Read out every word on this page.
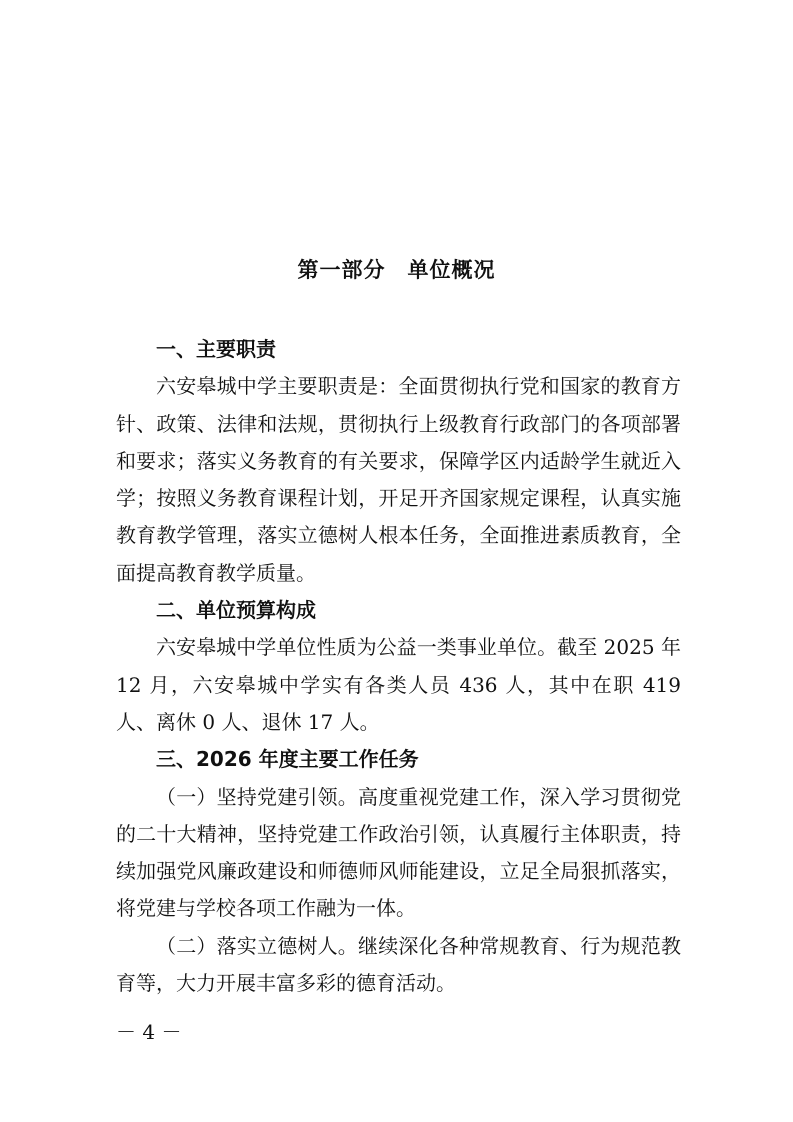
第一部分　单位概况
一、主要职责

六安皋城中学主要职责是：全面贯彻执行党和国家的教育方针、政策、法律和法规，贯彻执行上级教育行政部门的各项部署和要求；落实义务教育的有关要求，保障学区内适龄学生就近入学；按照义务教育课程计划，开足开齐国家规定课程，认真实施教育教学管理，落实立德树人根本任务，全面推进素质教育，全面提高教育教学质量。

二、单位预算构成

六安皋城中学单位性质为公益一类事业单位。截至 2025 年 12 月，六安皋城中学实有各类人员 436 人，其中在职 419 人、离休 0 人、退休 17 人。

三、2026 年度主要工作任务

（一）坚持党建引领。高度重视党建工作，深入学习贯彻党的二十大精神，坚持党建工作政治引领，认真履行主体职责，持续加强党风廉政建设和师德师风师能建设，立足全局狠抓落实，将党建与学校各项工作融为一体。

（二）落实立德树人。继续深化各种常规教育、行为规范教育等，大力开展丰富多彩的德育活动。

－ 4 －
